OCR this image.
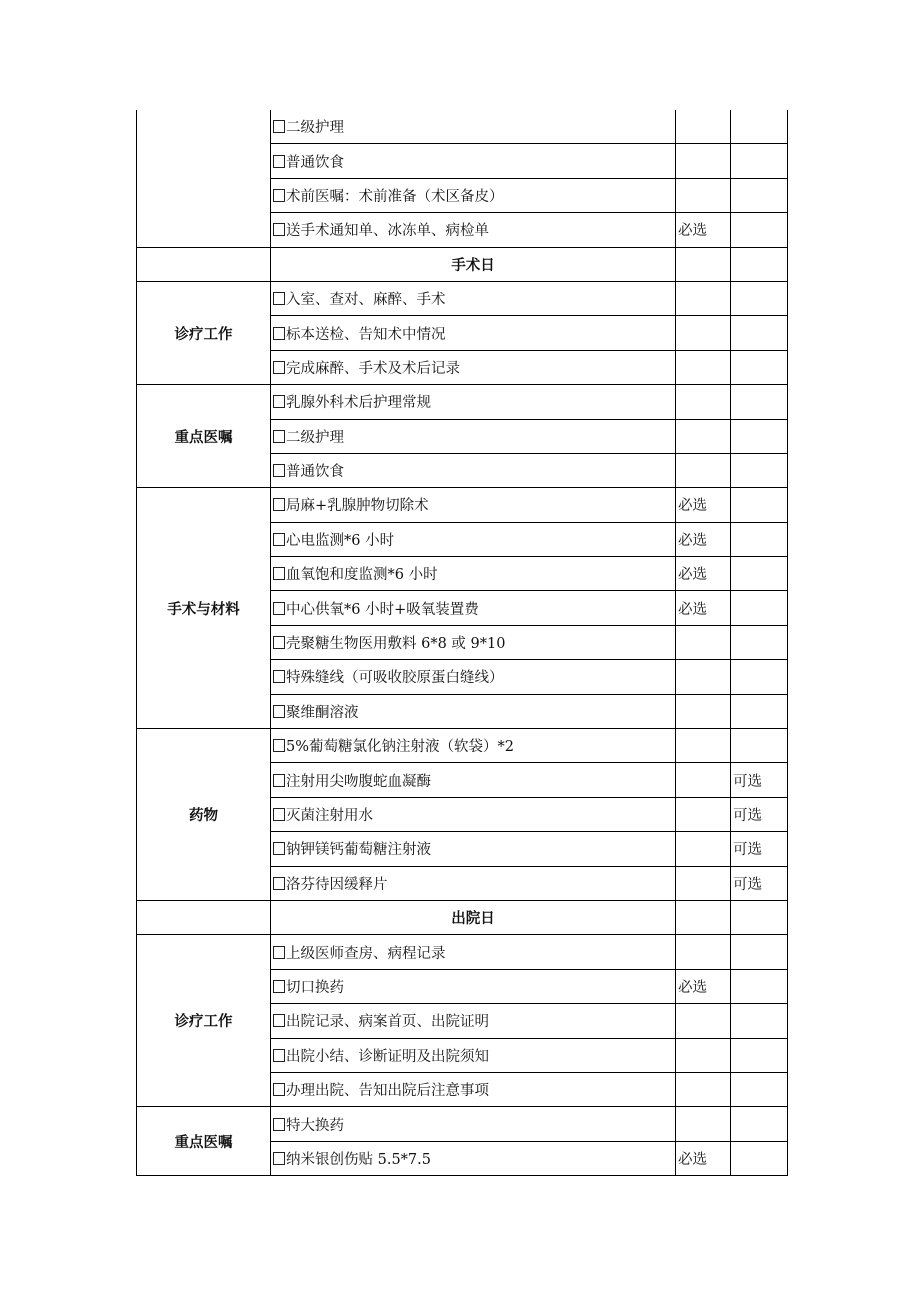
	二级护理		
	普通饮食		
	术前医嘱：术前准备（术区备皮）		
	送手术通知单、冰冻单、病检单	必选	
	手术日		
诊疗工作	入室、查对、麻醉、手术		
	标本送检、告知术中情况		
	完成麻醉、手术及术后记录		
重点医嘱	乳腺外科术后护理常规		
	二级护理		
	普通饮食		
手术与材料	局麻+乳腺肿物切除术	必选	
	心电监测*6 小时	必选	
	血氧饱和度监测*6 小时	必选	
	中心供氧*6 小时+吸氧装置费	必选	
	壳聚糖生物医用敷料 6*8 或 9*10		
	特殊缝线（可吸收胶原蛋白缝线）		
	聚维酮溶液		
药物	5%葡萄糖氯化钠注射液（软袋）*2		
	注射用尖吻腹蛇血凝酶		可选
	灭菌注射用水		可选
	钠钾镁钙葡萄糖注射液		可选
	洛芬待因缓释片		可选
	出院日		
诊疗工作	上级医师查房、病程记录		
	切口换药	必选	
	出院记录、病案首页、出院证明		
	出院小结、诊断证明及出院须知		
	办理出院、告知出院后注意事项		
重点医嘱	特大换药		
	纳米银创伤贴 5.5*7.5	必选	
